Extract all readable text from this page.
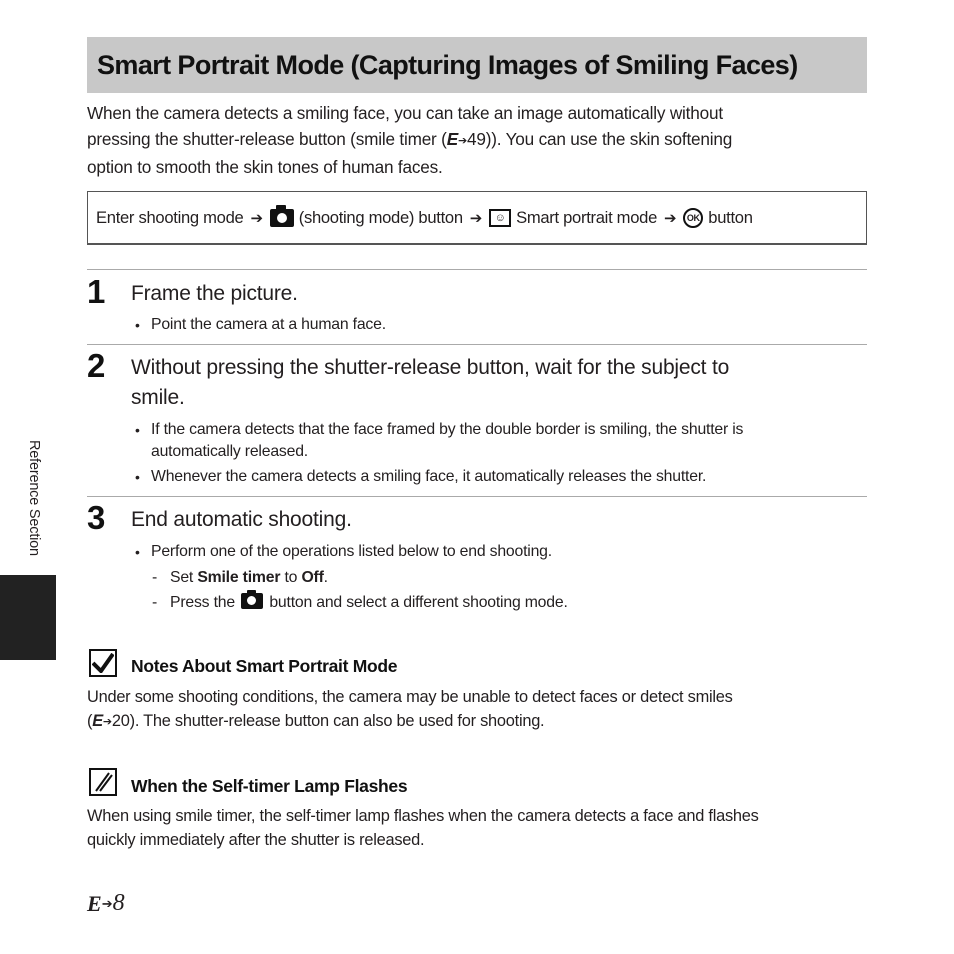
Smart Portrait Mode (Capturing Images of Smiling Faces)

When the camera detects a smiling face, you can take an image automatically without
pressing the shutter-release button (smile timer (E➔49)). You can use the skin softening
option to smooth the skin tones of human faces.

Enter shooting mode ➔ (shooting mode) button ➔	☺ Smart portrait mode ➔	OK button
1 Frame the picture.

• Point the camera at a human face.
2 Without pressing the shutter-release button, wait for the subject to
smile.

• If the camera detects that the face framed by the double border is smiling, the shutter is
automatically released.
• Whenever the camera detects a smiling face, it automatically releases the shutter.
3 End automatic shooting.

• Perform one of the operations listed below to end shooting.
- Set Smile timer to Off.
- Press the button and select a different shooting mode.

Notes About Smart Portrait Mode

Under some shooting conditions, the camera may be unable to detect faces or detect smiles
(E➔20). The shutter-release button can also be used for shooting.

When the Self-timer Lamp Flashes

When using smile timer, the self-timer lamp flashes when the camera detects a face and flashes
quickly immediately after the shutter is released.

Reference Section
E ➔ 8
